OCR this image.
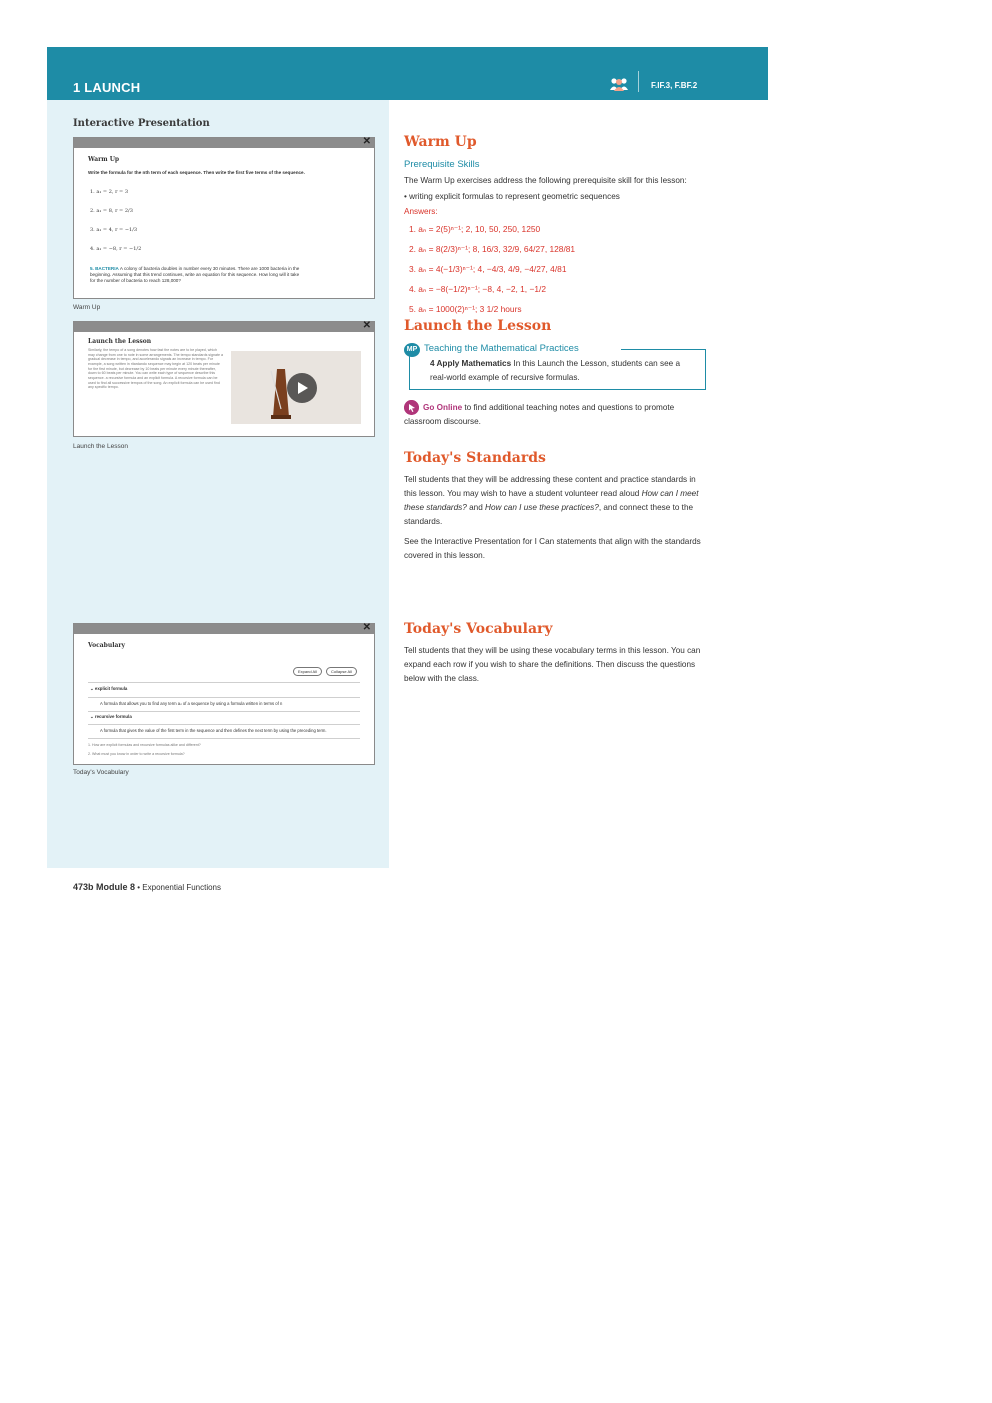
1 LAUNCH	F.IF.3, F.BF.2
Interactive Presentation
✕
Warm Up
Write the formula for the nth term of each sequence. Then write the first five terms of the sequence.
1. a₁ = 2, r = 3
2. a₁ = 8, r = 2/3
3. a₁ = 4, r = −1/3
4. a₁ = −8, r = −1/2
5. BACTERIA A colony of bacteria doubles in number every 30 minutes. There are 1000 bacteria in the beginning. Assuming that this trend continues, write an equation for this sequence. How long will it take for the number of bacteria to reach 128,000?
Warm Up
✕
Launch the Lesson
Similarly, the tempo of a song denotes how fast the notes are to be played, which may change from one to note in some arrangements. The tempo standards signate a gradual decrease in tempo, and accelerando signals an increase in tempo. For example, a song written in ritardando sequence may begin at 120 beats per minute for the first minute, but decrease by 10 beats per minute every minute thereafter, down to 60 beats per minute. You can write each type of sequence describe this sequence. a recursive formula and an explicit formula. A recursive formula can be used to find all successive tempos of the song. An explicit formula can be used find any specific tempo.
Launch the Lesson
✕
Vocabulary
Expand All	Collapse All
⌄ explicit formula
A formula that allows you to find any term aₙ of a sequence by using a formula written in terms of n
⌄ recursive formula
A formula that gives the value of the first term in the sequence and then defines the next term by using the preceding term.
1. How are explicit formulas and recursive formulas alike and different?
2. What must you know in order to write a recursive formula?
Today's Vocabulary
Warm Up
Prerequisite Skills
The Warm Up exercises address the following prerequisite skill for this lesson:
• writing explicit formulas to represent geometric sequences
Answers:
1. aₙ = 2(5)ⁿ⁻¹; 2, 10, 50, 250, 1250
2. aₙ = 8(2/3)ⁿ⁻¹; 8, 16/3, 32/9, 64/27, 128/81
3. aₙ = 4(−1/3)ⁿ⁻¹; 4, −4/3, 4/9, −4/27, 4/81
4. aₙ = −8(−1/2)ⁿ⁻¹; −8, 4, −2, 1, −1/2
5. aₙ = 1000(2)ⁿ⁻¹; 3 1/2 hours
Launch the Lesson
4 Apply Mathematics In this Launch the Lesson, students can see a real-world example of recursive formulas.
MP Teaching the Mathematical Practices
Go Online to find additional teaching notes and questions to promote classroom discourse.
Today's Standards
Tell students that they will be addressing these content and practice standards in this lesson. You may wish to have a student volunteer read aloud How can I meet these standards? and How can I use these practices?, and connect these to the standards.
See the Interactive Presentation for I Can statements that align with the standards covered in this lesson.
Today's Vocabulary
Tell students that they will be using these vocabulary terms in this lesson. You can expand each row if you wish to share the definitions. Then discuss the questions below with the class.
473b Module 8 • Exponential Functions
